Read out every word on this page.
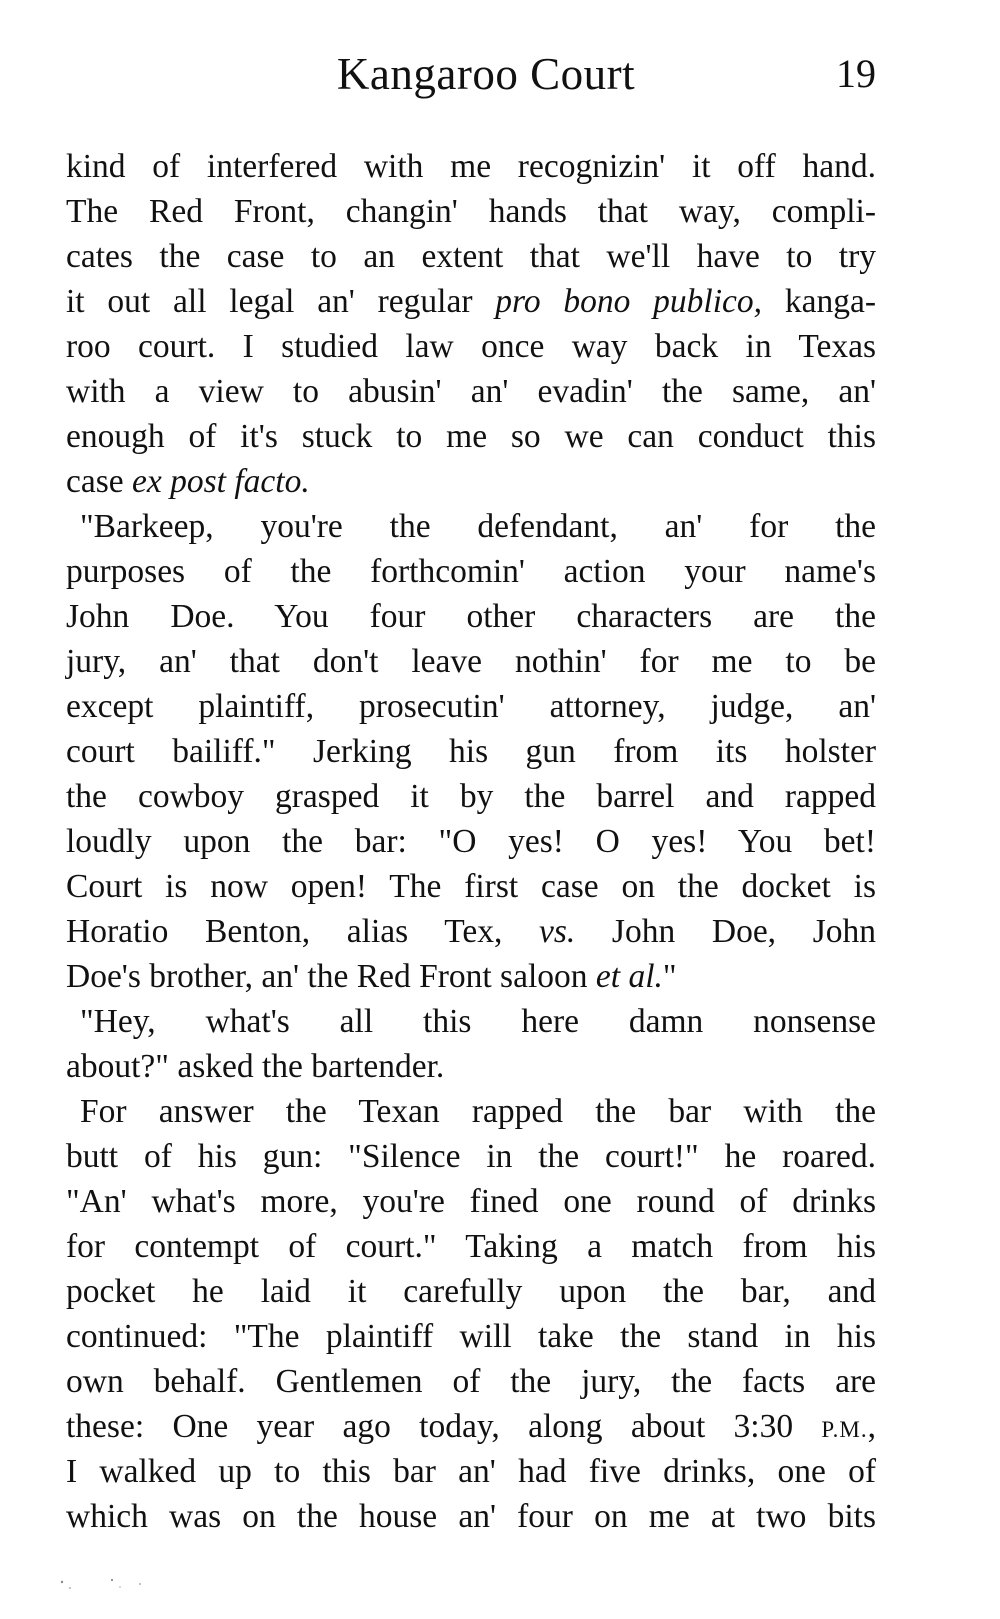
Kangaroo Court	19
kind of interfered with me recognizin' it off hand.
The Red Front, changin' hands that way, compli-
cates the case to an extent that we'll have to try
it out all legal an' regular pro bono publico, kanga-
roo court. I studied law once way back in Texas
with a view to abusin' an' evadin' the same, an'
enough of it's stuck to me so we can conduct this
case ex post facto.
"Barkeep, you're the defendant, an' for the
purposes of the forthcomin' action your name's
John Doe. You four other characters are the
jury, an' that don't leave nothin' for me to be
except plaintiff, prosecutin' attorney, judge, an'
court bailiff." Jerking his gun from its holster
the cowboy grasped it by the barrel and rapped
loudly upon the bar: "O yes! O yes! You bet!
Court is now open! The first case on the docket is
Horatio Benton, alias Tex, vs. John Doe, John
Doe's brother, an' the Red Front saloon et al."
"Hey, what's all this here damn nonsense
about?" asked the bartender.
For answer the Texan rapped the bar with the
butt of his gun: "Silence in the court!" he roared.
"An' what's more, you're fined one round of drinks
for contempt of court." Taking a match from his
pocket he laid it carefully upon the bar, and
continued: "The plaintiff will take the stand in his
own behalf. Gentlemen of the jury, the facts are
these: One year ago today, along about 3:30 P.M.,
I walked up to this bar an' had five drinks, one of
which was on the house an' four on me at two bits
